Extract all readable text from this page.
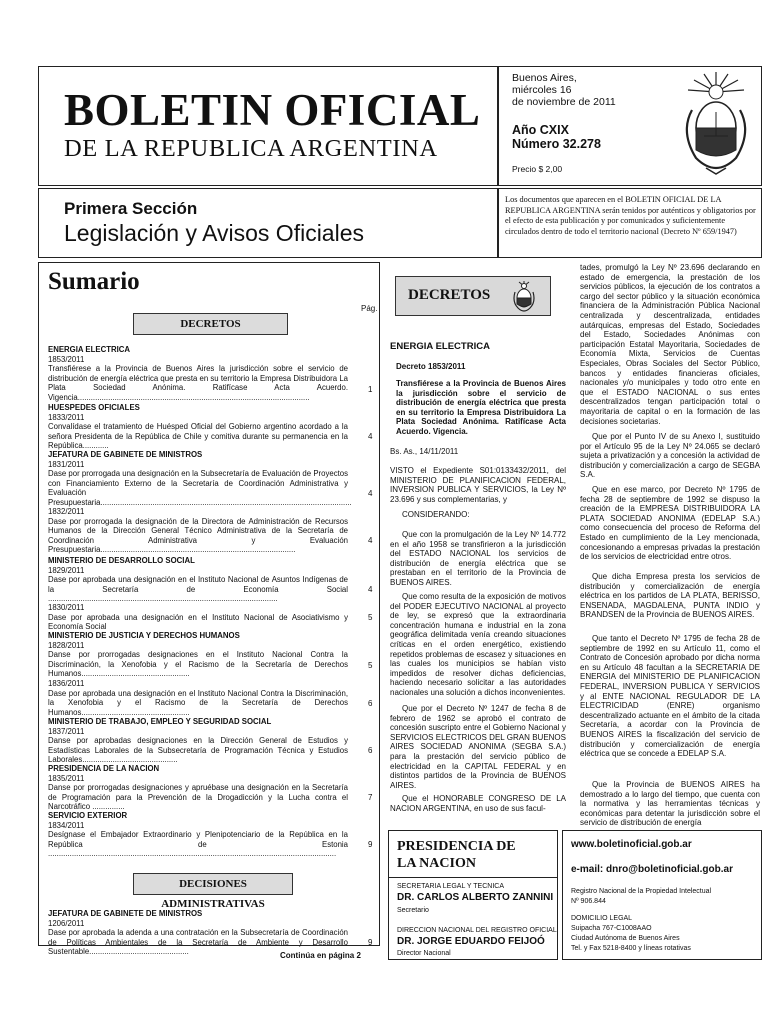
BOLETIN OFICIAL
DE LA REPUBLICA ARGENTINA
Buenos Aires,
miércoles 16
de noviembre de 2011
Año CXIX
Número 32.278
Precio $ 2,00
Primera Sección
Legislación y Avisos Oficiales
Los documentos que aparecen en el BOLETIN OFICIAL DE LA REPUBLICA ARGENTINA serán tenidos por auténticos y obligatorios por el efecto de esta publicación y por comunicados y suficientemente circulados dentro de todo el territorio nacional (Decreto Nº 659/1947)
Sumario
Pág.
DECRETOS
ENERGIA ELECTRICA
1853/2011
Transfiérese a la Provincia de Buenos Aires la jurisdicción sobre el servicio de distribución de energía eléctrica que presta en su territorio la Empresa Distribuidora La Plata Sociedad Anónima. Ratifícase Acta Acuerdo. Vigencia...........................................................................................................
1
HUESPEDES OFICIALES
1833/2011
Convalídase el tratamiento de Huésped Oficial del Gobierno argentino acordado a la señora Presidenta de la República de Chile y comitiva durante su permanencia en la República............
4
JEFATURA DE GABINETE DE MINISTROS
1831/2011
Dase por prorrogada una designación en la Subsecretaría de Evaluación de Proyectos con Financiamiento Externo de la Secretaría de Coordinación Administrativa y Evaluación Presupuestaria....................................................................................................................
4
1832/2011
Dase por prorrogada la designación de la Directora de Administración de Recursos Humanos de la Dirección General Técnico Administrativa de la Secretaría de Coordinación Administrativa y Evaluación Presupuestaria..........................................................................................
4
MINISTERIO DE DESARROLLO SOCIAL
1829/2011
Dase por aprobada una designación en el Instituto Nacional de Asuntos Indígenas de la Secretaría de Economía Social ..........................................................................................................
4
1830/2011
Dase por aprobada una designación en el Instituto Nacional de Asociativismo y Economía Social
5
MINISTERIO DE JUSTICIA Y DERECHOS HUMANOS
1828/2011
Danse por prorrogadas designaciones en el Instituto Nacional Contra la Discriminación, la Xenofobia y el Racismo de la Secretaría de Derechos Humanos..................................................
5
1836/2011
Dase por aprobada una designación en el Instituto Nacional Contra la Discriminación, la Xenofobia y el Racismo de la Secretaría de Derechos Humanos..................................................
6
MINISTERIO DE TRABAJO, EMPLEO Y SEGURIDAD SOCIAL
1837/2011
Danse por aprobadas designaciones en la Dirección General de Estudios y Estadísticas Laborales de la Subsecretaría de Programación Técnica y Estudios Laborales............................................
6
PRESIDENCIA DE LA NACION
1835/2011
Danse por prorrogadas designaciones y apruébase una designación en la Secretaría de Programación para la Prevención de la Drogadicción y la Lucha contra el Narcotráfico ...............
7
SERVICIO EXTERIOR
1834/2011
Desígnase el Embajador Extraordinario y Plenipotenciario de la República en la República de Estonia .....................................................................................................................................
9
DECISIONES ADMINISTRATIVAS
JEFATURA DE GABINETE DE MINISTROS
1206/2011
Dase por aprobada la adenda a una contratación en la Subsecretaría de Coordinación de Políticas Ambientales de la Secretaría de Ambiente y Desarrollo Sustentable..............................................
9
Continúa en página 2
DECRETOS
ENERGIA ELECTRICA
Decreto 1853/2011
Transfiérese a la Provincia de Buenos Aires la jurisdicción sobre el servicio de distribución de energía eléctrica que presta en su territorio la Empresa Distribuidora La Plata Sociedad Anónima. Ratifícase Acta Acuerdo. Vigencia.
Bs. As., 14/11/2011
VISTO el Expediente S01:0133432/2011, del MINISTERIO DE PLANIFICACION FEDERAL, INVERSION PUBLICA Y SERVICIOS, la Ley Nº 23.696 y sus complementarias, y
CONSIDERANDO:
Que con la promulgación de la Ley Nº 14.772 en el año 1958 se transfirieron a la jurisdicción del ESTADO NACIONAL los servicios de distribución de energía eléctrica que se prestaban en el territorio de la Provincia de BUENOS AIRES.
Que como resulta de la exposición de motivos del PODER EJECUTIVO NACIONAL al proyecto de ley, se expresó que la extraordinaria concentración humana e industrial en la zona geográfica delimitada venía creando situaciones críticas en el orden energético, existiendo repetidos problemas de escasez y situaciones en las cuales los municipios se habían visto impedidos de resolver dichas deficiencias, haciendo necesario solicitar a las autoridades nacionales una solución a dichos inconvenientes.
Que por el Decreto Nº 1247 de fecha 8 de febrero de 1962 se aprobó el contrato de concesión suscripto entre el Gobierno Nacional y SERVICIOS ELECTRICOS DEL GRAN BUENOS AIRES SOCIEDAD ANONIMA (SEGBA S.A.) para la prestación del servicio público de electricidad en la CAPITAL FEDERAL y en distintos partidos de la Provincia de BUENOS AIRES.
Que el HONORABLE CONGRESO DE LA NACION ARGENTINA, en uso de sus facul-
tades, promulgó la Ley Nº 23.696 declarando en estado de emergencia, la prestación de los servicios públicos, la ejecución de los contratos a cargo del sector público y la situación económica financiera de la Administración Pública Nacional centralizada y descentralizada, entidades autárquicas, empresas del Estado, Sociedades del Estado, Sociedades Anónimas con participación Estatal Mayoritaria, Sociedades de Economía Mixta, Servicios de Cuentas Especiales, Obras Sociales del Sector Público, bancos y entidades financieras oficiales, nacionales y/o municipales y todo otro ente en que el ESTADO NACIONAL o sus entes descentralizados tengan participación total o mayoritaria de capital o en la formación de las decisiones societarias.
Que por el Punto IV de su Anexo I, sustituido por el Artículo 95 de la Ley Nº 24.065 se declaró sujeta a privatización y a concesión la actividad de distribución y comercialización a cargo de SEGBA S.A.
Que en ese marco, por Decreto Nº 1795 de fecha 28 de septiembre de 1992 se dispuso la creación de la EMPRESA DISTRIBUIDORA LA PLATA SOCIEDAD ANONIMA (EDELAP S.A.) como consecuencia del proceso de Reforma del Estado en cumplimiento de la Ley mencionada, concesionando a empresas privadas la prestación de los servicios de electricidad entre otros.
Que dicha Empresa presta los servicios de distribución y comercialización de energía eléctrica en los partidos de LA PLATA, BERISSO, ENSENADA, MAGDALENA, PUNTA INDIO y BRANDSEN de la Provincia de BUENOS AIRES.
Que tanto el Decreto Nº 1795 de fecha 28 de septiembre de 1992 en su Artículo 11, como el Contrato de Concesión aprobado por dicha norma en su Artículo 48 facultan a la SECRETARIA DE ENERGIA del MINISTERIO DE PLANIFICACION FEDERAL, INVERSION PUBLICA Y SERVICIOS y al ENTE NACIONAL REGULADOR DE LA ELECTRICIDAD (ENRE) organismo descentralizado actuante en el ámbito de la citada Secretaría, a acordar con la Provincia de BUENOS AIRES la fiscalización del servicio de distribución y comercialización de energía eléctrica que se concede a EDELAP S.A.
Que la Provincia de BUENOS AIRES ha demostrado a lo largo del tiempo, que cuenta con la normativa y las herramientas técnicas y económicas para detentar la jurisdicción sobre el servicio de distribución de energía
PRESIDENCIA DE
LA NACION
SECRETARIA LEGAL Y TECNICA
DR. CARLOS ALBERTO ZANNINI
Secretario
DIRECCION NACIONAL DEL REGISTRO OFICIAL
DR. JORGE EDUARDO FEIJOÓ
Director Nacional
www.boletinoficial.gob.ar
e-mail: dnro@boletinoficial.gob.ar
Registro Nacional de la Propiedad Intelectual
Nº 906.844
DOMICILIO LEGAL
Suipacha 767-C1008AAO
Ciudad Autónoma de Buenos Aires
Tel. y Fax 5218-8400 y líneas rotativas
